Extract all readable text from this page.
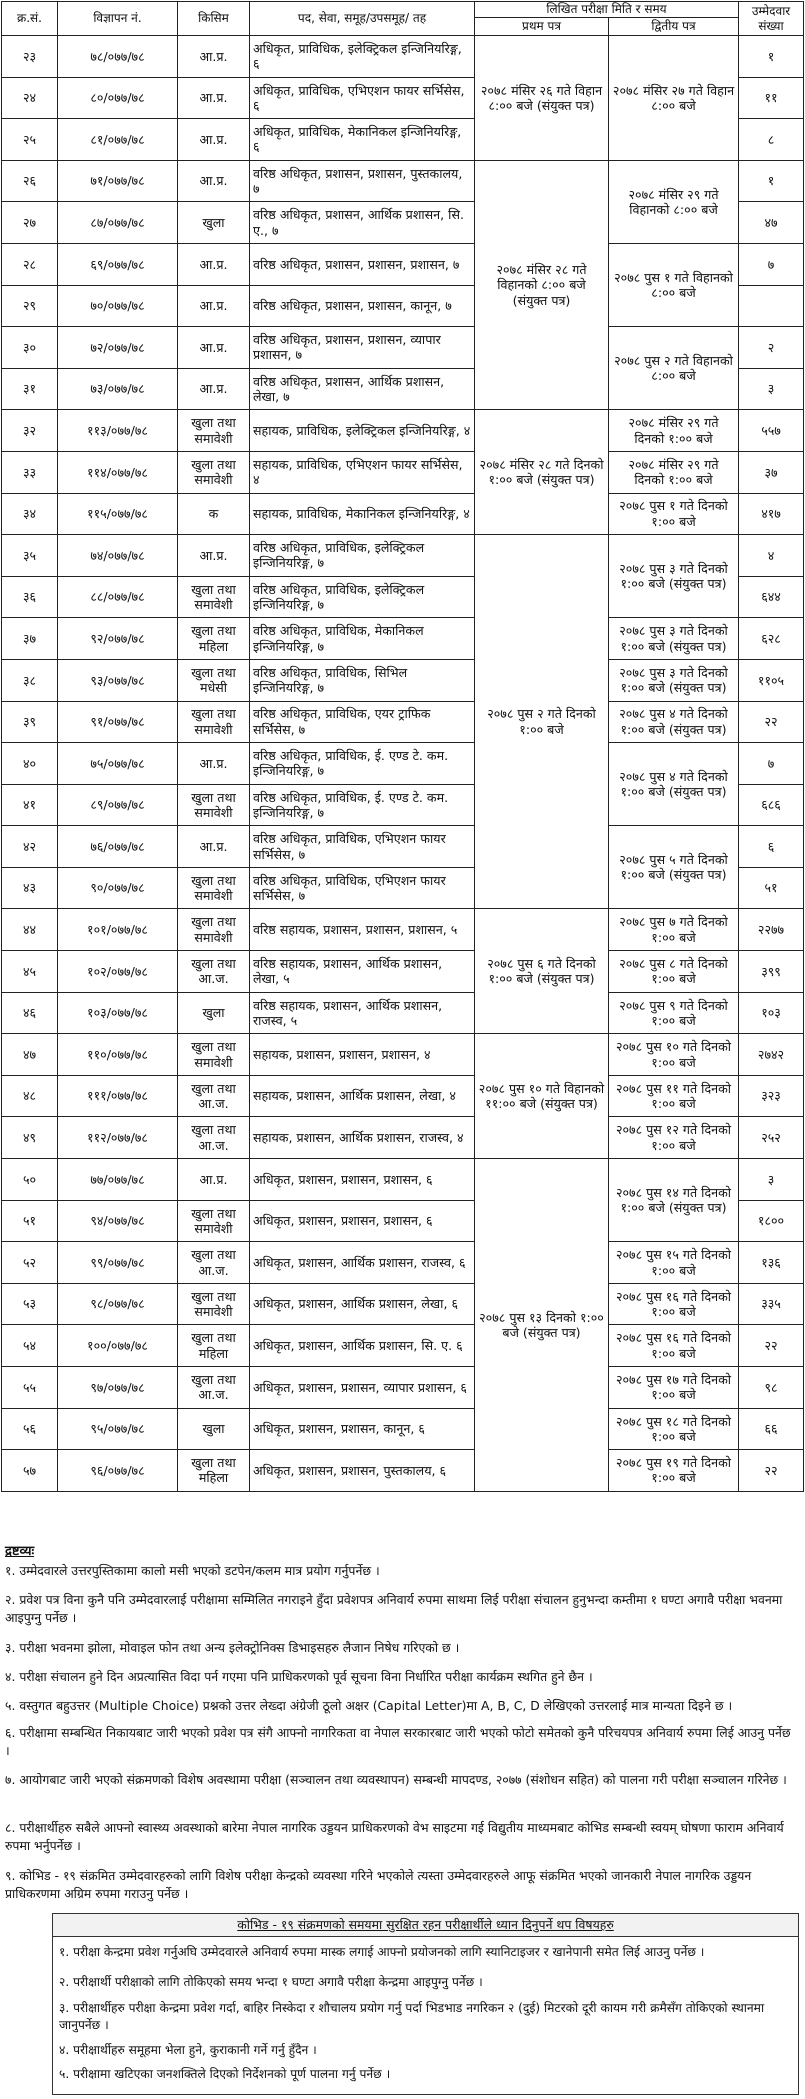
क्र.सं.	विज्ञापन नं.	किसिम	पद, सेवा, समूह/उपसमूह/ तह	लिखित परीक्षा मिति र समय		उम्मेदवार संख्या
				प्रथम पत्र	द्वितीय पत्र	
२३	७८/०७७/७८	आ.प्र.	अधिकृत, प्राविधिक, इलेक्ट्रिकल इन्जिनियरिङ्ग, ६	२०७८ मंसिर २६ गते विहान ८:०० बजे (संयुक्त पत्र)	२०७८ मंसिर २७ गते विहान ८:०० बजे	१
२४	८०/०७७/७८	आ.प्र.	अधिकृत, प्राविधिक, एभिएशन फायर सर्भिसेस, ६			११
२५	८१/०७७/७८	आ.प्र.	अधिकृत, प्राविधिक, मेकानिकल इन्जिनियरिङ्ग, ६			८
२६	७१/०७७/७८	आ.प्र.	वरिष्ठ अधिकृत, प्रशासन, प्रशासन, पुस्तकालय, ७	२०७८ मंसिर २८ गते विहानको ८:०० बजे (संयुक्त पत्र)	२०७८ मंसिर २९ गते विहानको ८:०० बजे	१
२७	८७/०७७/७८	खुला	वरिष्ठ अधिकृत, प्रशासन, आर्थिक प्रशासन, सि. ए., ७			४७
२८	६९/०७७/७८	आ.प्र.	वरिष्ठ अधिकृत, प्रशासन, प्रशासन, प्रशासन, ७		२०७८ पुस १ गते विहानको ८:०० बजे	७
२९	७०/०७७/७८	आ.प्र.	वरिष्ठ अधिकृत, प्रशासन, प्रशासन, कानून, ७			
३०	७२/०७७/७८	आ.प्र.	वरिष्ठ अधिकृत, प्रशासन, प्रशासन, व्यापार प्रशासन, ७		२०७८ पुस २ गते विहानको ८:०० बजे	२
३१	७३/०७७/७८	आ.प्र.	वरिष्ठ अधिकृत, प्रशासन, आर्थिक प्रशासन, लेखा, ७			३
३२	११३/०७७/७८	खुला तथा समावेशी	सहायक, प्राविधिक, इलेक्ट्रिकल इन्जिनियरिङ्ग, ४	२०७८ मंसिर २८ गते दिनको १:०० बजे (संयुक्त पत्र)	२०७८ मंसिर २९ गते दिनको १:०० बजे	५५७
३३	११४/०७७/७८	खुला तथा समावेशी	सहायक, प्राविधिक, एभिएशन फायर सर्भिसेस, ४		२०७८ मंसिर २९ गते दिनको १:०० बजे	३७
३४	११५/०७७/७८	क	सहायक, प्राविधिक, मेकानिकल इन्जिनियरिङ्ग, ४		२०७८ पुस १ गते दिनको १:०० बजे	४१७
३५	७४/०७७/७८	आ.प्र.	वरिष्ठ अधिकृत, प्राविधिक, इलेक्ट्रिकल इन्जिनियरिङ्ग, ७	२०७८ पुस २ गते दिनको १:०० बजे	२०७८ पुस ३ गते दिनको १:०० बजे (संयुक्त पत्र)	४
३६	८८/०७७/७८	खुला तथा समावेशी	वरिष्ठ अधिकृत, प्राविधिक, इलेक्ट्रिकल इन्जिनियरिङ्ग, ७			६४४
३७	९२/०७७/७८	खुला तथा महिला	वरिष्ठ अधिकृत, प्राविधिक, मेकानिकल इन्जिनियरिङ्ग, ७		२०७८ पुस ३ गते दिनको १:०० बजे (संयुक्त पत्र)	६२८
३८	९३/०७७/७८	खुला तथा मधेसी	वरिष्ठ अधिकृत, प्राविधिक, सिभिल इन्जिनियरिङ्ग, ७		२०७८ पुस ३ गते दिनको १:०० बजे (संयुक्त पत्र)	११०५
३९	९१/०७७/७८	खुला तथा समावेशी	वरिष्ठ अधिकृत, प्राविधिक, एयर ट्राफिक सर्भिसेस, ७		२०७८ पुस ४ गते दिनको १:०० बजे (संयुक्त पत्र)	२२
४०	७५/०७७/७८	आ.प्र.	वरिष्ठ अधिकृत, प्राविधिक, ई. एण्ड टे. कम. इन्जिनियरिङ्ग, ७		२०७८ पुस ४ गते दिनको १:०० बजे (संयुक्त पत्र)	७
४१	८९/०७७/७८	खुला तथा समावेशी	वरिष्ठ अधिकृत, प्राविधिक, ई. एण्ड टे. कम. इन्जिनियरिङ्ग, ७			६८६
४२	७६/०७७/७८	आ.प्र.	वरिष्ठ अधिकृत, प्राविधिक, एभिएशन फायर सर्भिसेस, ७		२०७८ पुस ५ गते दिनको १:०० बजे (संयुक्त पत्र)	६
४३	९०/०७७/७८	खुला तथा समावेशी	वरिष्ठ अधिकृत, प्राविधिक, एभिएशन फायर सर्भिसेस, ७			५१
४४	१०१/०७७/७८	खुला तथा समावेशी	वरिष्ठ सहायक, प्रशासन, प्रशासन, प्रशासन, ५	२०७८ पुस ६ गते दिनको १:०० बजे (संयुक्त पत्र)	२०७८ पुस ७ गते दिनको १:०० बजे	२२७७
४५	१०२/०७७/७८	खुला तथा आ.ज.	वरिष्ठ सहायक, प्रशासन, आर्थिक प्रशासन, लेखा, ५		२०७८ पुस ८ गते दिनको १:०० बजे	३९९
४६	१०३/०७७/७८	खुला	वरिष्ठ सहायक, प्रशासन, आर्थिक प्रशासन, राजस्व, ५		२०७८ पुस ९ गते दिनको १:०० बजे	१०३
४७	११०/०७७/७८	खुला तथा समावेशी	सहायक, प्रशासन, प्रशासन, प्रशासन, ४	२०७८ पुस १० गते विहानको ११:०० बजे (संयुक्त पत्र)	२०७८ पुस १० गते दिनको १:०० बजे	२७४२
४८	१११/०७७/७८	खुला तथा आ.ज.	सहायक, प्रशासन, आर्थिक प्रशासन, लेखा, ४		२०७८ पुस ११ गते दिनको १:०० बजे	३२३
४९	११२/०७७/७८	खुला तथा आ.ज.	सहायक, प्रशासन, आर्थिक प्रशासन, राजस्व, ४		२०७८ पुस १२ गते दिनको १:०० बजे	२५२
५०	७७/०७७/७८	आ.प्र.	अधिकृत, प्रशासन, प्रशासन, प्रशासन, ६	२०७८ पुस १३ दिनको १:०० बजे (संयुक्त पत्र)	२०७८ पुस १४ गते दिनको १:०० बजे (संयुक्त पत्र)	३
५१	९४/०७७/७८	खुला तथा समावेशी	अधिकृत, प्रशासन, प्रशासन, प्रशासन, ६			१८००
५२	९९/०७७/७८	खुला तथा आ.ज.	अधिकृत, प्रशासन, आर्थिक प्रशासन, राजस्व, ६		२०७८ पुस १५ गते दिनको १:०० बजे	१३६
५३	९८/०७७/७८	खुला तथा समावेशी	अधिकृत, प्रशासन, आर्थिक प्रशासन, लेखा, ६		२०७८ पुस १६ गते दिनको १:०० बजे	३३५
५४	१००/०७७/७८	खुला तथा महिला	अधिकृत, प्रशासन, आर्थिक प्रशासन, सि. ए. ६		२०७८ पुस १६ गते दिनको १:०० बजे	२२
५५	९७/०७७/७८	खुला तथा आ.ज.	अधिकृत, प्रशासन, प्रशासन, व्यापार प्रशासन, ६		२०७८ पुस १७ गते दिनको १:०० बजे	९८
५६	९५/०७७/७८	खुला	अधिकृत, प्रशासन, प्रशासन, कानून, ६		२०७८ पुस १८ गते दिनको १:०० बजे	६६
५७	९६/०७७/७८	खुला तथा महिला	अधिकृत, प्रशासन, प्रशासन, पुस्तकालय, ६		२०७८ पुस १९ गते दिनको १:०० बजे	२२
द्रष्टव्यः
१. उम्मेदवारले उत्तरपुस्तिकामा कालो मसी भएको डटपेन/कलम मात्र प्रयोग गर्नुपर्नेछ ।
२. प्रवेश पत्र विना कुनै पनि उम्मेदवारलाई परीक्षामा सम्मिलित नगराइने हुँदा प्रवेशपत्र अनिवार्य रुपमा साथमा लिई परीक्षा संचालन हुनुभन्दा कम्तीमा १ घण्टा अगावै परीक्षा भवनमा आइपुग्नु पर्नेछ ।
३. परीक्षा भवनमा झोला, मोवाइल फोन तथा अन्य इलेक्ट्रोनिक्स डिभाइसहरु लैजान निषेध गरिएको छ ।
४. परीक्षा संचालन हुने दिन अप्रत्यासित विदा पर्न गएमा पनि प्राधिकरणको पूर्व सूचना विना निर्धारित परीक्षा कार्यक्रम स्थगित हुने छैन ।
५. वस्तुगत बहुउत्तर (Multiple Choice) प्रश्नको उत्तर लेख्दा अंग्रेजी ठूलो अक्षर (Capital Letter)मा A, B, C, D लेखिएको उत्तरलाई मात्र मान्यता दिइने छ ।
६. परीक्षामा सम्बन्धित निकायबाट जारी भएको प्रवेश पत्र संगै आफ्नो नागरिकता वा नेपाल सरकारबाट जारी भएको फोटो समेतको कुनै परिचयपत्र अनिवार्य रुपमा लिई आउनु पर्नेछ ।
७. आयोगबाट जारी भएको संक्रमणको विशेष अवस्थामा परीक्षा (सञ्चालन तथा व्यवस्थापन) सम्बन्धी मापदण्ड, २०७७ (संशोधन सहित) को पालना गरी परीक्षा सञ्चालन गरिनेछ ।
८. परीक्षार्थीहरु सबैले आफ्नो स्वास्थ्य अवस्थाको बारेमा नेपाल नागरिक उड्डयन प्राधिकरणको वेभ साइटमा गई विद्युतीय माध्यमबाट कोभिड सम्बन्धी स्वयम् घोषणा फाराम अनिवार्य रुपमा भर्नुपर्नेछ ।
९. कोभिड - १९ संक्रमित उम्मेदवारहरुको लागि विशेष परीक्षा केन्द्रको व्यवस्था गरिने भएकोले त्यस्ता उम्मेदवारहरुले आफू संक्रमित भएको जानकारी नेपाल नागरिक उड्डयन प्राधिकरणमा अग्रिम रुपमा गराउनु पर्नेछ ।
कोभिड - १९ संक्रमणको समयमा सुरक्षित रहन परीक्षार्थीले ध्यान दिनुपर्ने थप विषयहरु
१. परीक्षा केन्द्रमा प्रवेश गर्नुअघि उम्मेदवारले अनिवार्य रुपमा मास्क लगाई आफ्नो प्रयोजनको लागि स्यानिटाइजर र खानेपानी समेत लिई आउनु पर्नेछ ।
२. परीक्षार्थी परीक्षाको लागि तोकिएको समय भन्दा १ घण्टा अगावै परीक्षा केन्द्रमा आइपुग्नु पर्नेछ ।
३. परीक्षार्थीहरु परीक्षा केन्द्रमा प्रवेश गर्दा, बाहिर निस्केदा र शौचालय प्रयोग गर्नु पर्दा भिडभाड नगरिकन २ (दुई) मिटरको दूरी कायम गरी क्रमैसँग तोकिएको स्थानमा जानुपर्नेछ ।
४. परीक्षार्थीहरु समूहमा भेला हुने, कुराकानी गर्ने गर्नु हुँदैन ।
५. परीक्षामा खटिएका जनशक्तिले दिएको निर्देशनको पूर्ण पालना गर्नु पर्नेछ ।
